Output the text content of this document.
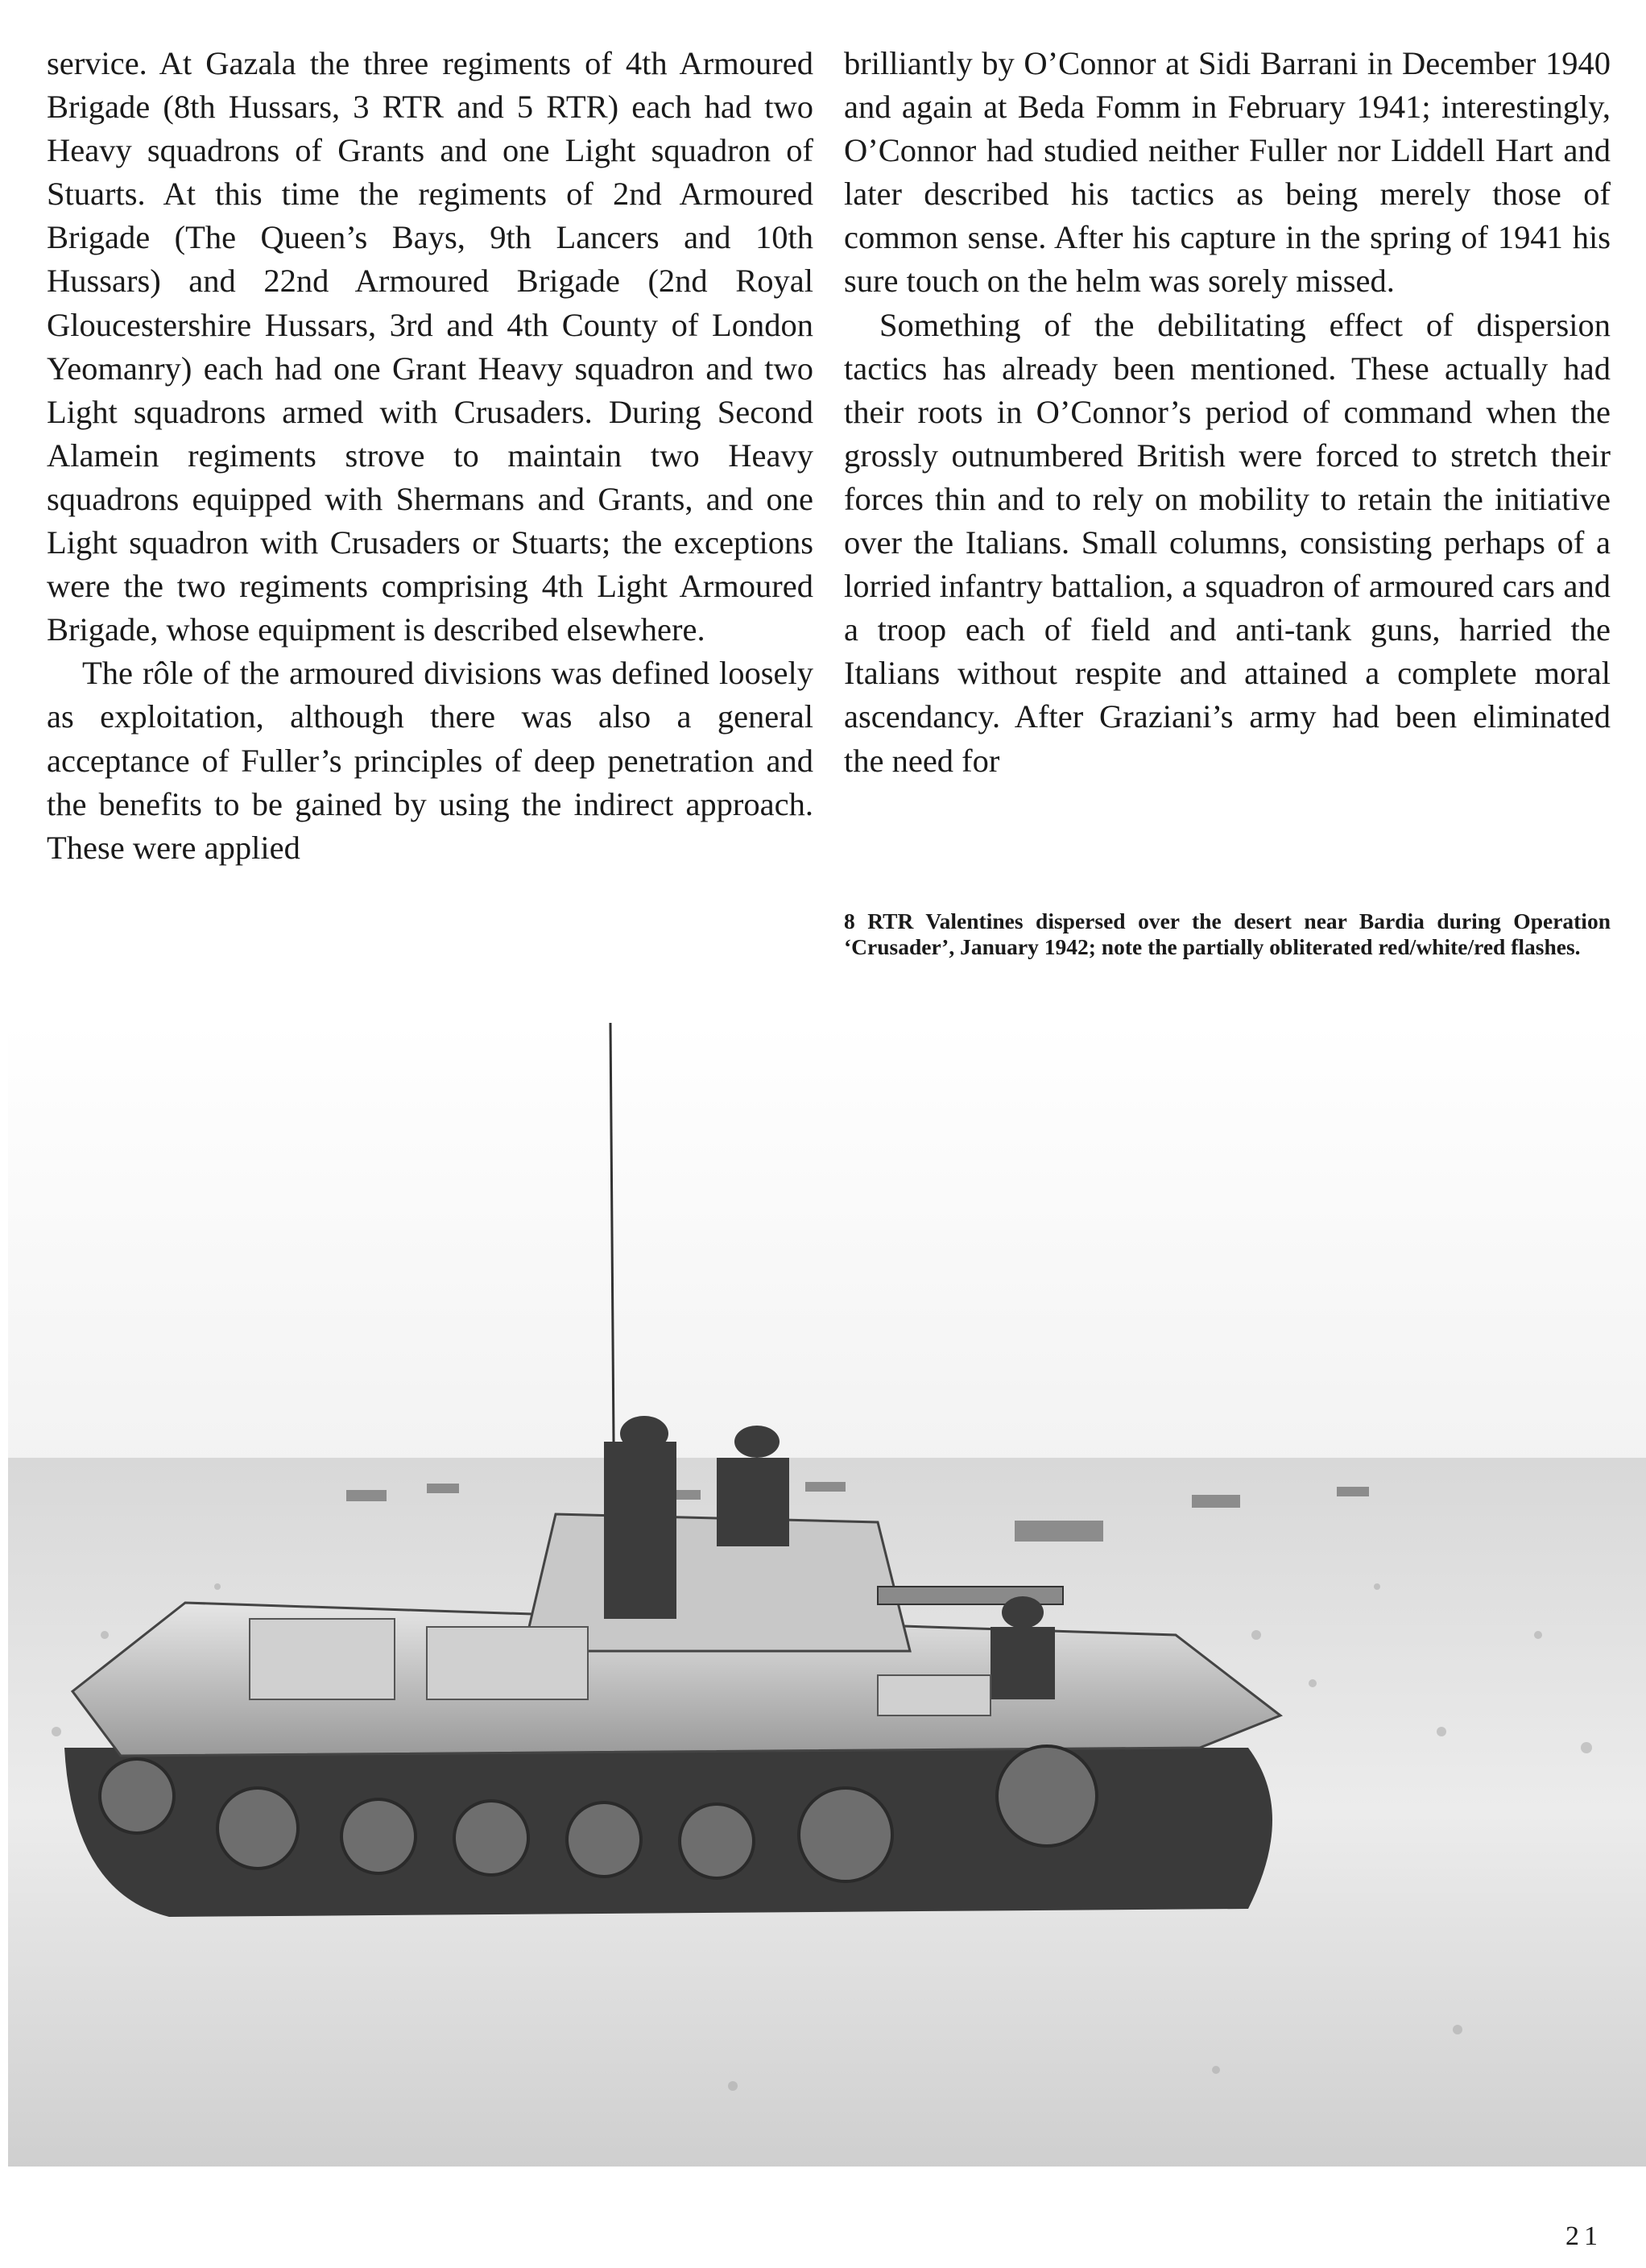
service. At Gazala the three regiments of 4th Armoured Brigade (8th Hussars, 3 RTR and 5 RTR) each had two Heavy squadrons of Grants and one Light squadron of Stuarts. At this time the regiments of 2nd Armoured Brigade (The Queen’s Bays, 9th Lancers and 10th Hussars) and 22nd Armoured Brigade (2nd Royal Gloucestershire Hussars, 3rd and 4th County of London Yeomanry) each had one Grant Heavy squadron and two Light squadrons armed with Crusaders. During Second Alamein regiments strove to maintain two Heavy squadrons equipped with Shermans and Grants, and one Light squadron with Crusaders or Stuarts; the exceptions were the two regiments comprising 4th Light Armoured Brigade, whose equipment is described elsewhere.

The rôle of the armoured divisions was defined loosely as exploitation, although there was also a general acceptance of Fuller’s principles of deep penetration and the benefits to be gained by using the indirect approach. These were applied

brilliantly by O’Connor at Sidi Barrani in December 1940 and again at Beda Fomm in February 1941; interestingly, O’Connor had studied neither Fuller nor Liddell Hart and later described his tactics as being merely those of common sense. After his capture in the spring of 1941 his sure touch on the helm was sorely missed.

Something of the debilitating effect of dispersion tactics has already been mentioned. These actually had their roots in O’Connor’s period of command when the grossly outnumbered British were forced to stretch their forces thin and to rely on mobility to retain the initiative over the Italians. Small columns, consisting perhaps of a lorried infantry battalion, a squadron of armoured cars and a troop each of field and anti-tank guns, harried the Italians without respite and attained a complete moral ascendancy. After Graziani’s army had been eliminated the need for

8 RTR Valentines dispersed over the desert near Bardia during Operation ‘Crusader’, January 1942; note the partially obliterated red/white/red flashes.
21
